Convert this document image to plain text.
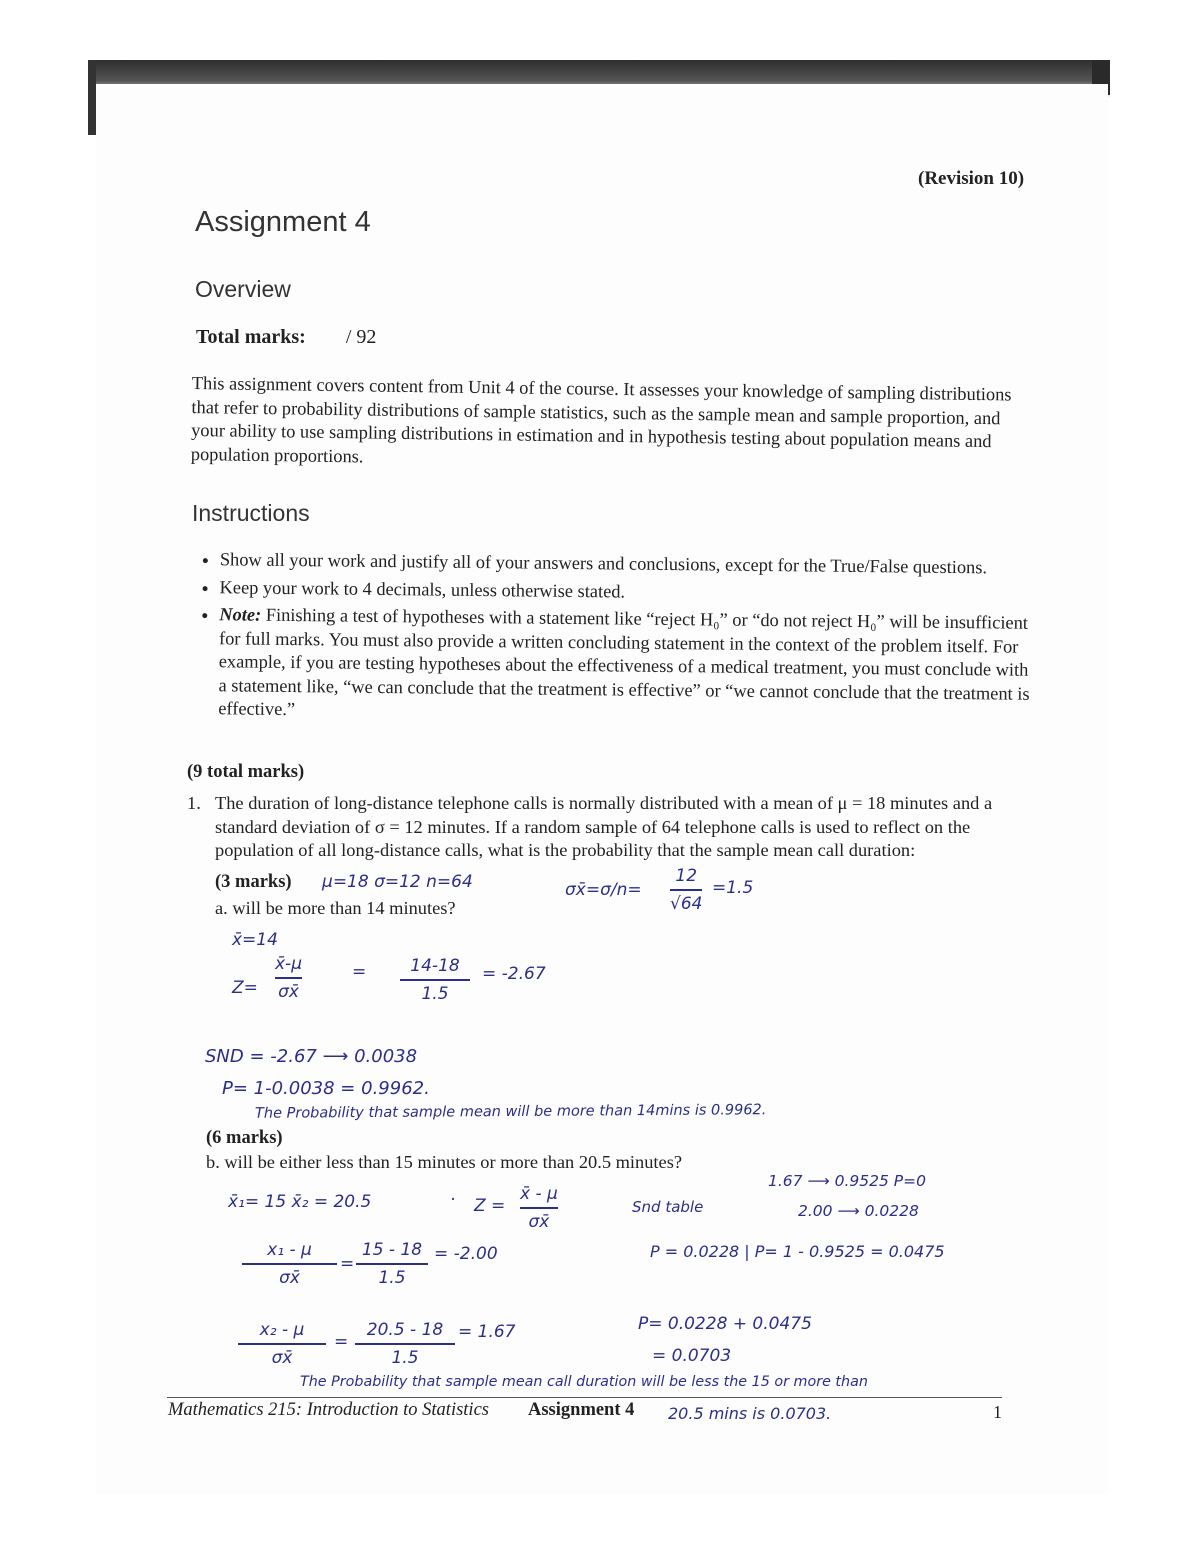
(Revision 10)
Assignment 4
Overview
Total marks: / 92
This assignment covers content from Unit 4 of the course. It assesses your knowledge of sampling distributions that refer to probability distributions of sample statistics, such as the sample mean and sample proportion, and your ability to use sampling distributions in estimation and in hypothesis testing about population means and population proportions.
Instructions
• Show all your work and justify all of your answers and conclusions, except for the True/False questions.
• Keep your work to 4 decimals, unless otherwise stated.
• Note: Finishing a test of hypotheses with a statement like “reject H₀” or “do not reject H₀” will be insufficient for full marks. You must also provide a written concluding statement in the context of the problem itself. For example, if you are testing hypotheses about the effectiveness of a medical treatment, you must conclude with a statement like, “we can conclude that the treatment is effective” or “we cannot conclude that the treatment is effective.”
(9 total marks)
1. The duration of long-distance telephone calls is normally distributed with a mean of μ = 18 minutes and a standard deviation of σ = 12 minutes. If a random sample of 64 telephone calls is used to reflect on the population of all long-distance calls, what is the probability that the sample mean call duration:
(3 marks)
a. will be more than 14 minutes?
μ=18 σ=12 n=64	σx̄=σ/n=
12
√64
=1.5
x̄=14
Z=
x̄-μ
σx̄
=	14-18
1.5
= -2.67
SND = -2.67 ⟶ 0.0038
P= 1-0.0038 = 0.9962.
The Probability that sample mean will be more than 14mins is 0.9962.
(6 marks)
b. will be either less than 15 minutes or more than 20.5 minutes?
x̄₁= 15 x̄₂ = 20.5	· Z =
x̄ - μ
σx̄
Snd table
1.67 ⟶ 0.9525 P=0
2.00 ⟶ 0.0228
x₁ - μ
σx̄
=
15 - 18
1.5
= -2.00	P = 0.0228 | P= 1 - 0.9525 = 0.0475
x₂ - μ
σx̄
=
20.5 - 18
1.5
= 1.67	P= 0.0228 + 0.0475
= 0.0703
The Probability that sample mean call duration will be less the 15 or more than
20.5 mins is 0.0703.
Mathematics 215: Introduction to Statistics Assignment 4	1
